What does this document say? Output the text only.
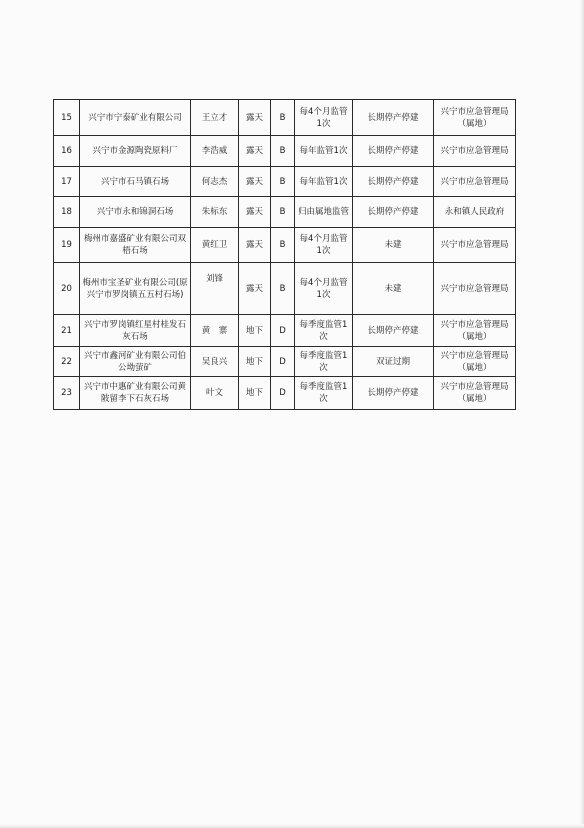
15	兴宁市宁泰矿业有限公司	王立才	露天	B	每4个月监管1次	长期停产停建	兴宁市应急管理局（属地）
16	兴宁市金源陶瓷原料厂	李浩威	露天	B	每年监管1次	长期停产停建	兴宁市应急管理局
17	兴宁市石马镇石场	何志杰	露天	B	每年监管1次	长期停产停建	兴宁市应急管理局
18	兴宁市永和锦洞石场	朱标东	露天	B	归由属地监管	长期停产停建	永和镇人民政府
19	梅州市嘉盛矿业有限公司双梧石场	黄红卫	露天	B	每4个月监管1次	未建	兴宁市应急管理局
20	梅州市宝圣矿业有限公司(原兴宁市罗岗镇五五村石场)	刘锋	露天	B	每4个月监管1次	未建	兴宁市应急管理局
21	兴宁市罗岗镇红星村桂发石灰石场	黄　寨	地下	D	每季度监管1次	长期停产停建	兴宁市应急管理局（属地）
22	兴宁市鑫河矿业有限公司伯公坳萤矿	吴良兴	地下	D	每季度监管1次	双证过期	兴宁市应急管理局（属地）
23	兴宁市中惠矿业有限公司黄陂留李下石灰石场	叶文	地下	D	每季度监管1次	长期停产停建	兴宁市应急管理局（属地）
